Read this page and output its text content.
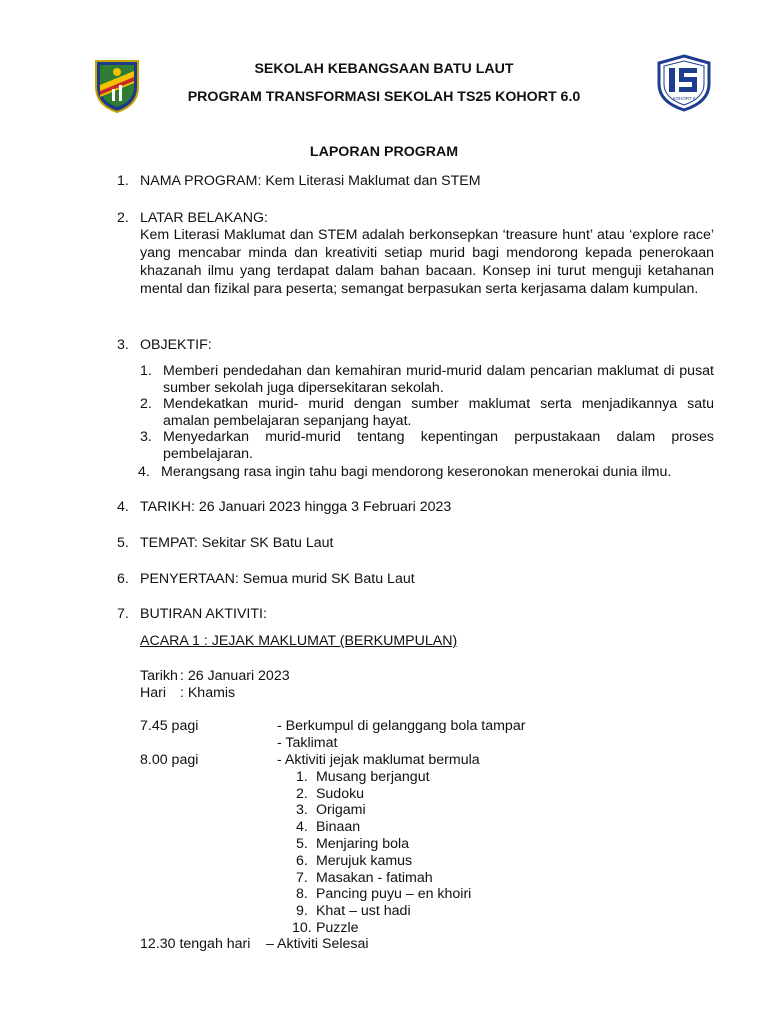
KOHORT 6
SEKOLAH KEBANGSAAN BATU LAUT
PROGRAM TRANSFORMASI SEKOLAH TS25 KOHORT 6.0
LAPORAN PROGRAM
1. NAMA PROGRAM: Kem Literasi Maklumat dan STEM
2. LATAR BELAKANG:
Kem Literasi Maklumat dan STEM adalah berkonsepkan ‘treasure hunt’ atau ‘explore race’ yang mencabar minda dan kreativiti setiap murid bagi mendorong kepada penerokaan khazanah ilmu yang terdapat dalam bahan bacaan. Konsep ini turut menguji ketahanan mental dan fizikal para peserta; semangat berpasukan serta kerjasama dalam kumpulan.
3. OBJEKTIF:
1. Memberi pendedahan dan kemahiran murid-murid dalam pencarian maklumat di pusat sumber sekolah juga dipersekitaran sekolah.
2. Mendekatkan murid- murid dengan sumber maklumat serta menjadikannya satu amalan pembelajaran sepanjang hayat.
3. Menyedarkan murid-murid tentang kepentingan perpustakaan dalam proses pembelajaran.
4. Merangsang rasa ingin tahu bagi mendorong keseronokan menerokai dunia ilmu.
4. TARIKH: 26 Januari 2023 hingga 3 Februari 2023
5. TEMPAT: Sekitar SK Batu Laut
6. PENYERTAAN: Semua murid SK Batu Laut
7. BUTIRAN AKTIVITI:
ACARA 1 : JEJAK MAKLUMAT (BERKUMPULAN)
Tarikh : 26 Januari 2023
Hari : Khamis
7.45 pagi	- Berkumpul di gelanggang bola tampar
- Taklimat
8.00 pagi	- Aktiviti jejak maklumat bermula
1. Musang berjangut
2. Sudoku
3. Origami
4. Binaan
5. Menjaring bola
6. Merujuk kamus
7. Masakan - fatimah
8. Pancing puyu – en khoiri
9. Khat – ust hadi
10. Puzzle
12.30 tengah hari – Aktiviti Selesai
